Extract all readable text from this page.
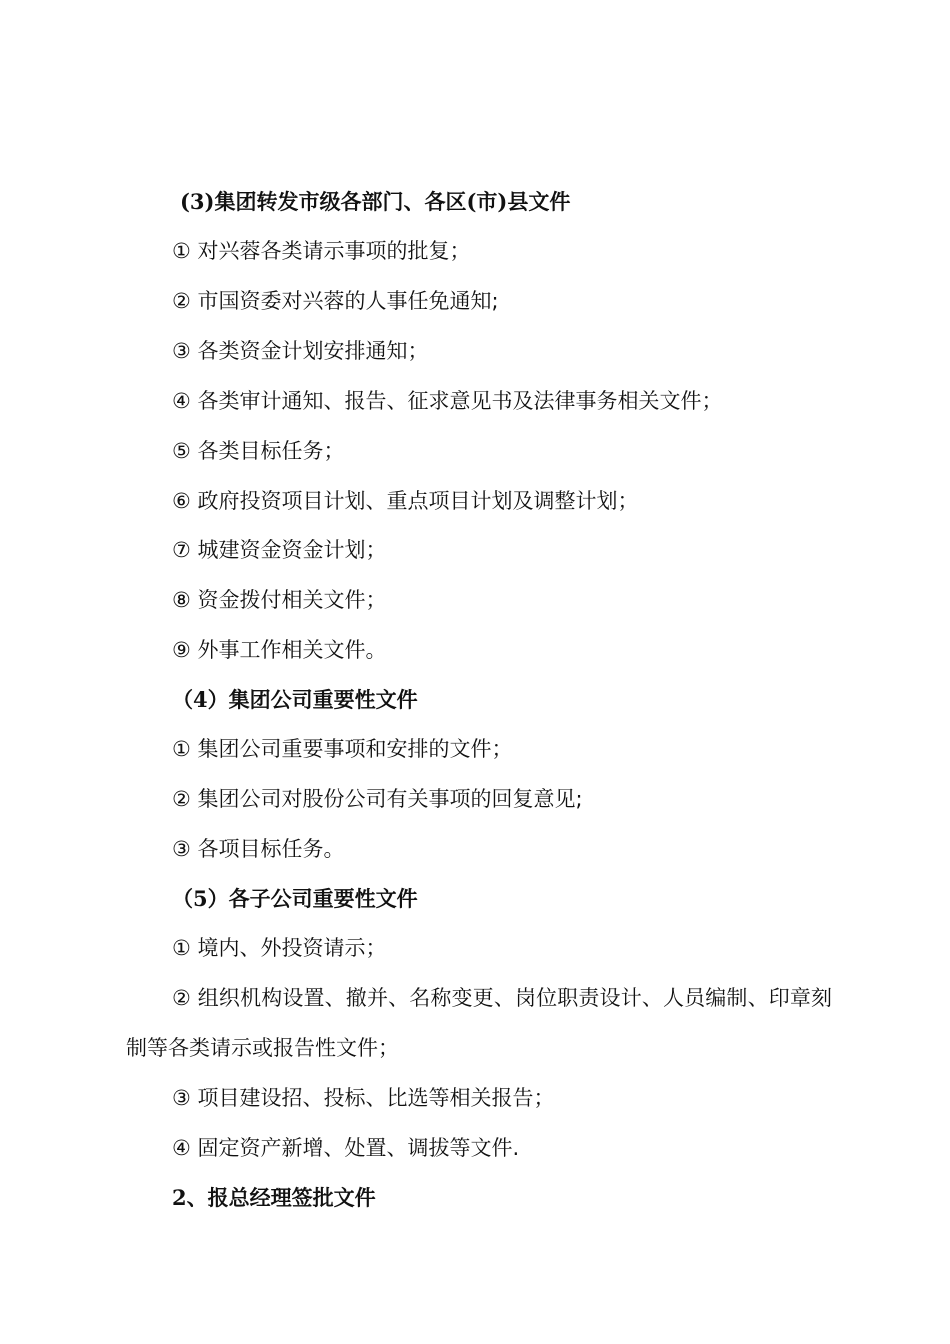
(3)集团转发市级各部门、各区(市)县文件
① 对兴蓉各类请示事项的批复；
② 市国资委对兴蓉的人事任免通知;
③ 各类资金计划安排通知；
④ 各类审计通知、报告、征求意见书及法律事务相关文件；
⑤ 各类目标任务；
⑥ 政府投资项目计划、重点项目计划及调整计划；
⑦ 城建资金资金计划；
⑧ 资金拨付相关文件；
⑨ 外事工作相关文件。
（4）集团公司重要性文件
① 集团公司重要事项和安排的文件；
② 集团公司对股份公司有关事项的回复意见;
③ 各项目标任务。
（5）各子公司重要性文件
① 境内、外投资请示；
② 组织机构设置、撤并、名称变更、岗位职责设计、人员编制、印章刻制等各类请示或报告性文件；
③ 项目建设招、投标、比选等相关报告；
④ 固定资产新增、处置、调拔等文件.
2、报总经理签批文件
